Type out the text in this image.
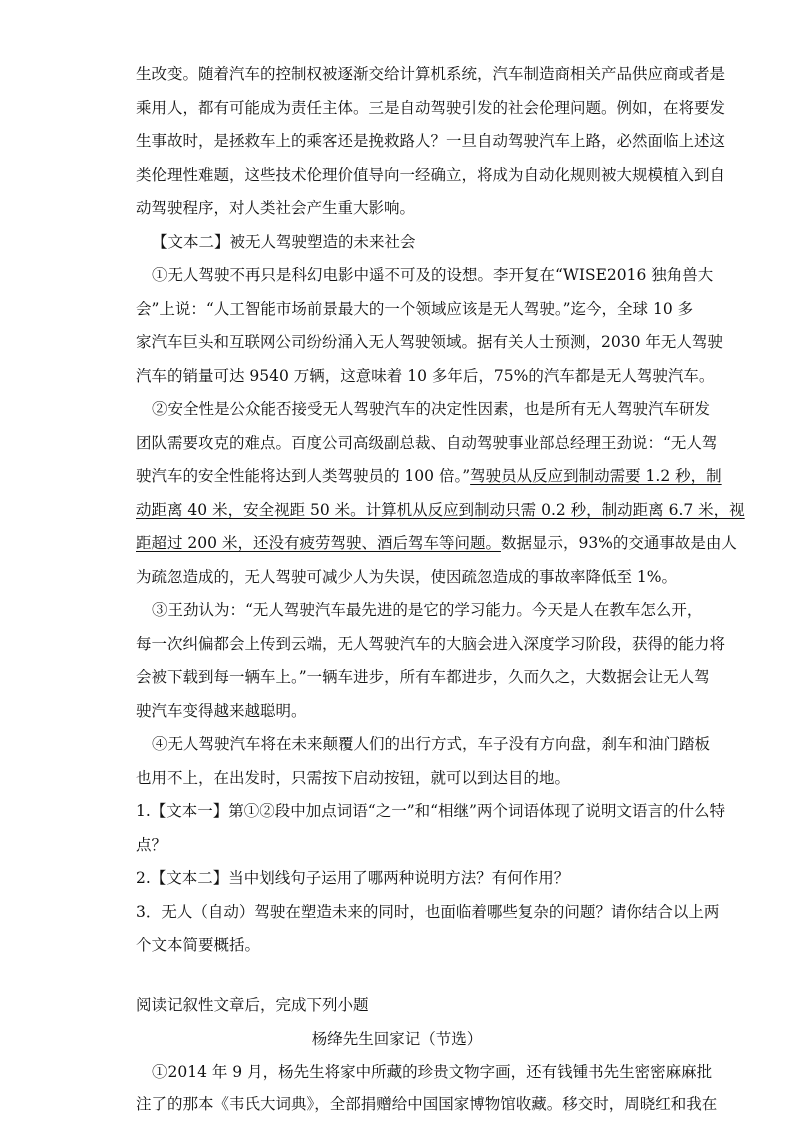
生改变。随着汽车的控制权被逐渐交给计算机系统，汽车制造商相关产品供应商或者是
乘用人，都有可能成为责任主体。三是自动驾驶引发的社会伦理问题。例如，在将要发
生事故时，是拯救车上的乘客还是挽救路人？一旦自动驾驶汽车上路，必然面临上述这
类伦理性难题，这些技术伦理价值导向一经确立，将成为自动化规则被大规模植入到自
动驾驶程序，对人类社会产生重大影响。
【文本二】被无人驾驶塑造的未来社会
①无人驾驶不再只是科幻电影中遥不可及的设想。李开复在“WISE2016 独角兽大
会”上说：“人工智能市场前景最大的一个领域应该是无人驾驶。”迄今，全球 10 多
家汽车巨头和互联网公司纷纷涌入无人驾驶领域。据有关人士预测，2030 年无人驾驶
汽车的销量可达 9540 万辆，这意味着 10 多年后，75%的汽车都是无人驾驶汽车。
②安全性是公众能否接受无人驾驶汽车的决定性因素，也是所有无人驾驶汽车研发
团队需要攻克的难点。百度公司高级副总裁、自动驾驶事业部总经理王劲说：“无人驾
驶汽车的安全性能将达到人类驾驶员的 100 倍。”驾驶员从反应到制动需要 1.2 秒，制
动距离 40 米，安全视距 50 米。计算机从反应到制动只需 0.2 秒，制动距离 6.7 米，视
距超过 200 米，还没有疲劳驾驶、酒后驾车等问题。数据显示，93%的交通事故是由人
为疏忽造成的，无人驾驶可减少人为失误，使因疏忽造成的事故率降低至 1%。
③王劲认为：“无人驾驶汽车最先进的是它的学习能力。今天是人在教车怎么开，
每一次纠偏都会上传到云端，无人驾驶汽车的大脑会进入深度学习阶段，获得的能力将
会被下载到每一辆车上。”一辆车进步，所有车都进步，久而久之，大数据会让无人驾
驶汽车变得越来越聪明。
④无人驾驶汽车将在未来颠覆人们的出行方式，车子没有方向盘，刹车和油门踏板
也用不上，在出发时，只需按下启动按钮，就可以到达目的地。
1.【文本一】第①②段中加点词语“之一”和“相继”两个词语体现了说明文语言的什么特
点？
2.【文本二】当中划线句子运用了哪两种说明方法？有何作用？
3．无人（自动）驾驶在塑造未来的同时，也面临着哪些复杂的问题？请你结合以上两
个文本简要概括。
阅读记叙性文章后，完成下列小题
杨绛先生回家记（节选）
①2014 年 9 月，杨先生将家中所藏的珍贵文物字画，还有钱锺书先生密密麻麻批
注了的那本《韦氏大词典》，全部捐赠给中国国家博物馆收藏。移交时，周晓红和我在
